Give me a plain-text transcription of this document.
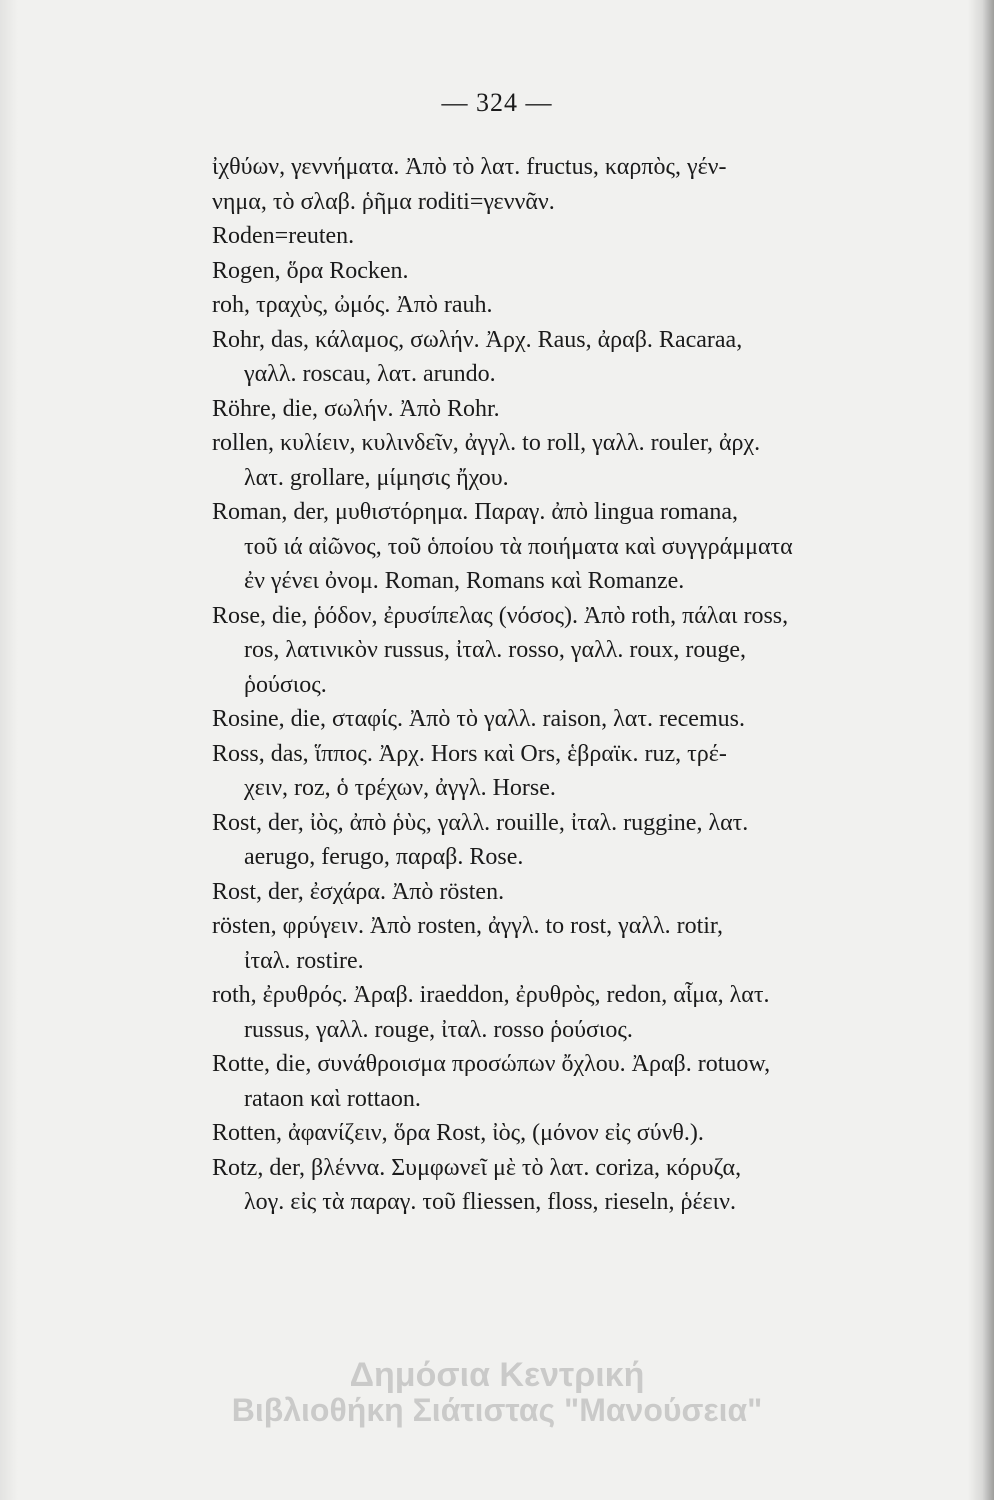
— 324 —
ἰχθύων, γεννήματα. Ἀπὸ τὸ λατ. fructus, καρπὸς, γέν-
νημα, τὸ σλαβ. ῥῆμα roditi=γεννᾶν.
Roden=reuten.
Rogen, ὅρα Rocken.
roh, τραχὺς, ὠμός. Ἀπὸ rauh.
Rohr, das, κάλαμος, σωλήν. Ἀρχ. Raus, ἀραβ. Racaraa,
γαλλ. roscau, λατ. arundo.
Röhre, die, σωλήν. Ἀπὸ Rohr.
rollen, κυλίειν, κυλινδεῖν, ἀγγλ. to roll, γαλλ. rouler, ἀρχ.
λατ. grollare, μίμησις ἤχου.
Roman, der, μυθιστόρημα. Παραγ. ἀπὸ lingua romana,
τοῦ ιά αἰῶνος, τοῦ ὁποίου τὰ ποιήματα καὶ συγγράμματα
ἐν γένει ὀνομ. Roman, Romans καὶ Romanze.
Rose, die, ῥόδον, ἐρυσίπελας (νόσος). Ἀπὸ roth, πάλαι ross,
ros, λατινικὸν russus, ἰταλ. rosso, γαλλ. roux, rouge,
ῥούσιος.
Rosine, die, σταφίς. Ἀπὸ τὸ γαλλ. raison, λατ. recemus.
Ross, das, ἵππος. Ἀρχ. Hors καὶ Ors, ἑβραϊκ. ruz, τρέ-
χειν, roz, ὁ τρέχων, ἀγγλ. Horse.
Rost, der, ἰὸς, ἀπὸ ῥὺς, γαλλ. rouille, ἰταλ. ruggine, λατ.
aerugo, ferugo, παραβ. Rose.
Rost, der, ἐσχάρα. Ἀπὸ rösten.
rösten, φρύγειν. Ἀπὸ rosten, ἀγγλ. to rost, γαλλ. rotir,
ἰταλ. rostire.
roth, ἐρυθρός. Ἀραβ. iraeddon, ἐρυθρὸς, redon, αἷμα, λατ.
russus, γαλλ. rouge, ἰταλ. rosso ῥούσιος.
Rotte, die, συνάθροισμα προσώπων ὄχλου. Ἀραβ. rotuow,
rataon καὶ rottaon.
Rotten, ἀφανίζειν, ὅρα Rost, ἰὸς, (μόνον εἰς σύνθ.).
Rotz, der, βλέννα. Συμφωνεῖ μὲ τὸ λατ. coriza, κόρυζα,
λογ. εἰς τὰ παραγ. τοῦ fliessen, floss, rieseln, ῥέειν.
Δημόσια Κεντρική
Βιβλιοθήκη Σιάτιστας "Μανούσεια"
